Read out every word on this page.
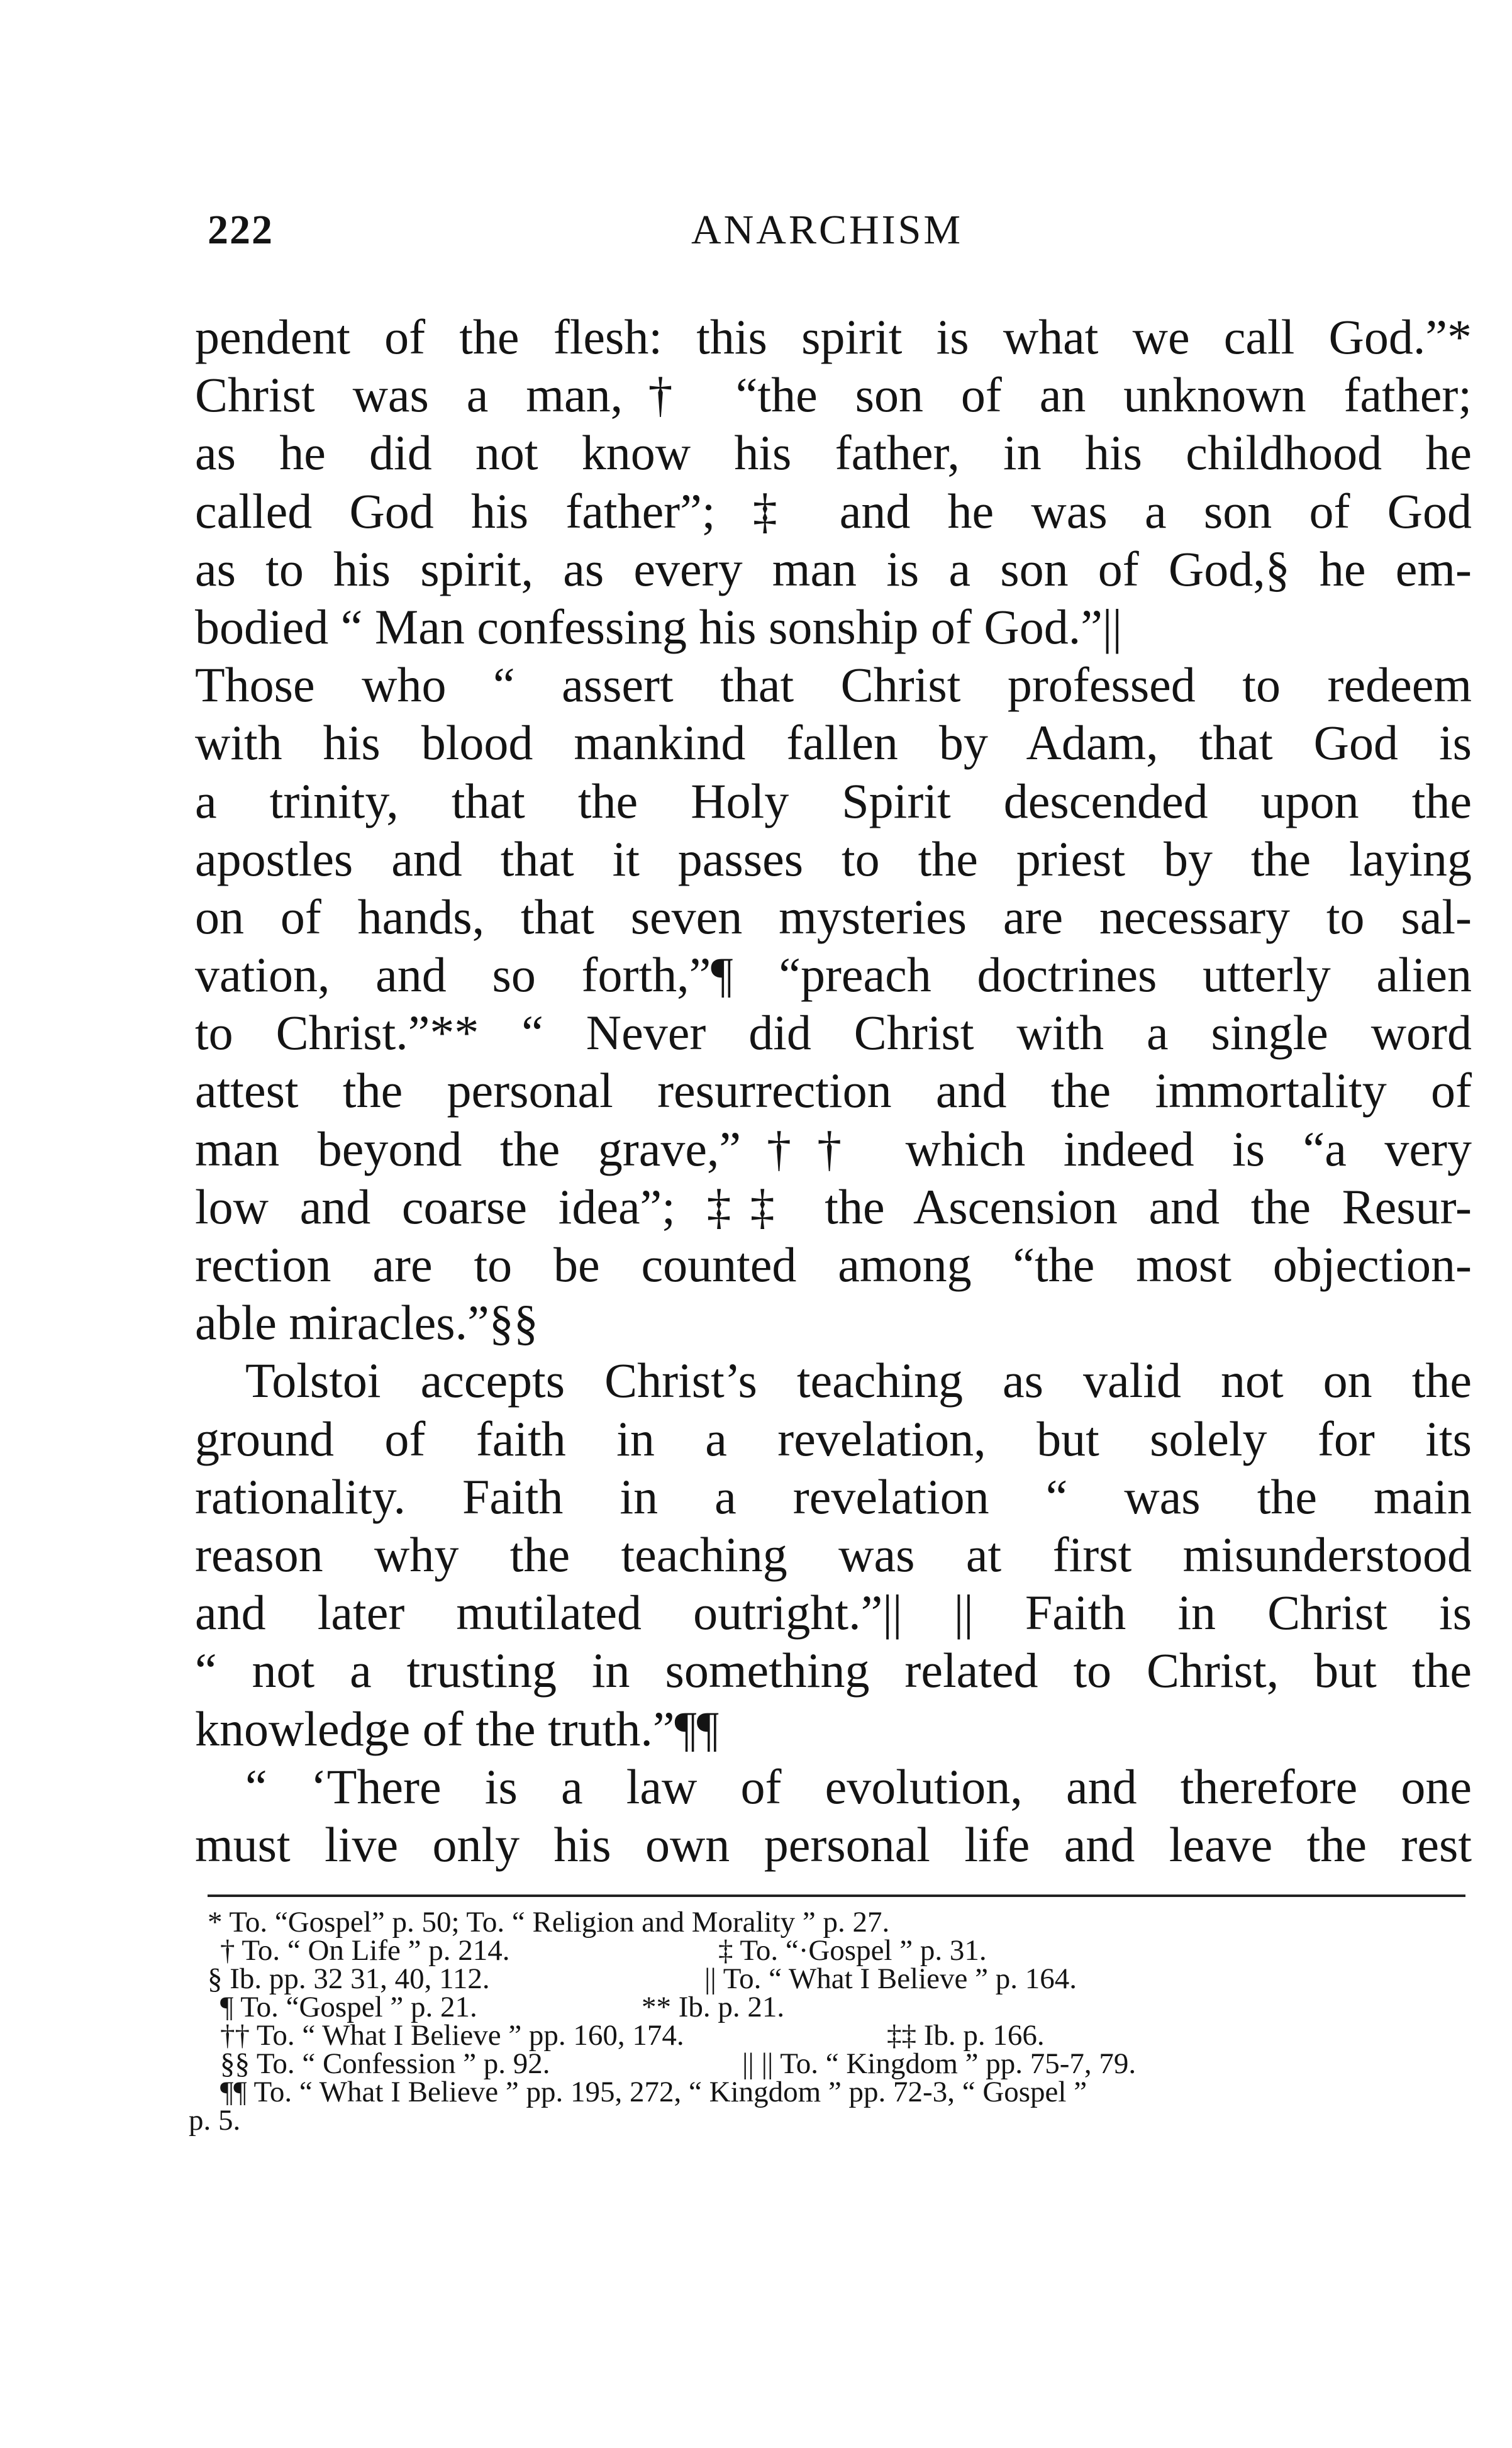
222	ANARCHISM
pendent of the flesh: this spirit is what we call God.”*
Christ was a man,† “the son of an unknown father;
as he did not know his father, in his childhood he
called God his father”; ‡ and he was a son of God
as to his spirit, as every man is a son of God,§ he em-
bodied “ Man confessing his sonship of God.”||
Those who “ assert that Christ professed to redeem
with his blood mankind fallen by Adam, that God is
a trinity, that the Holy Spirit descended upon the
apostles and that it passes to the priest by the laying
on of hands, that seven mysteries are necessary to sal-
vation, and so forth,”¶ “preach doctrines utterly alien
to Christ.”** “ Never did Christ with a single word
attest the personal resurrection and the immortality of
man beyond the grave,”†† which indeed is “a very
low and coarse idea”; ‡‡ the Ascension and the Resur-
rection are to be counted among “the most objection-
able miracles.”§§
Tolstoi accepts Christ’s teaching as valid not on the
ground of faith in a revelation, but solely for its
rationality. Faith in a revelation “ was the main
reason why the teaching was at first misunderstood
and later mutilated outright.”|| || Faith in Christ is
“ not a trusting in something related to Christ, but the
knowledge of the truth.”¶¶
“ ‘There is a law of evolution, and therefore one
must live only his own personal life and leave the rest
* To. “Gospel” p. 50; To. “ Religion and Morality ” p. 27.
† To. “ On Life ” p. 214.	‡ To. “·Gospel ” p. 31.
§ Ib. pp. 32 31, 40, 112.	|| To. “ What I Believe ” p. 164.
¶ To. “Gospel ” p. 21.	** Ib. p. 21.
†† To. “ What I Believe ” pp. 160, 174.	‡‡ Ib. p. 166.
§§ To. “ Confession ” p. 92.	|| || To. “ Kingdom ” pp. 75-7, 79.
¶¶ To. “ What I Believe ” pp. 195, 272, “ Kingdom ” pp. 72-3, “ Gospel ”
p. 5.
